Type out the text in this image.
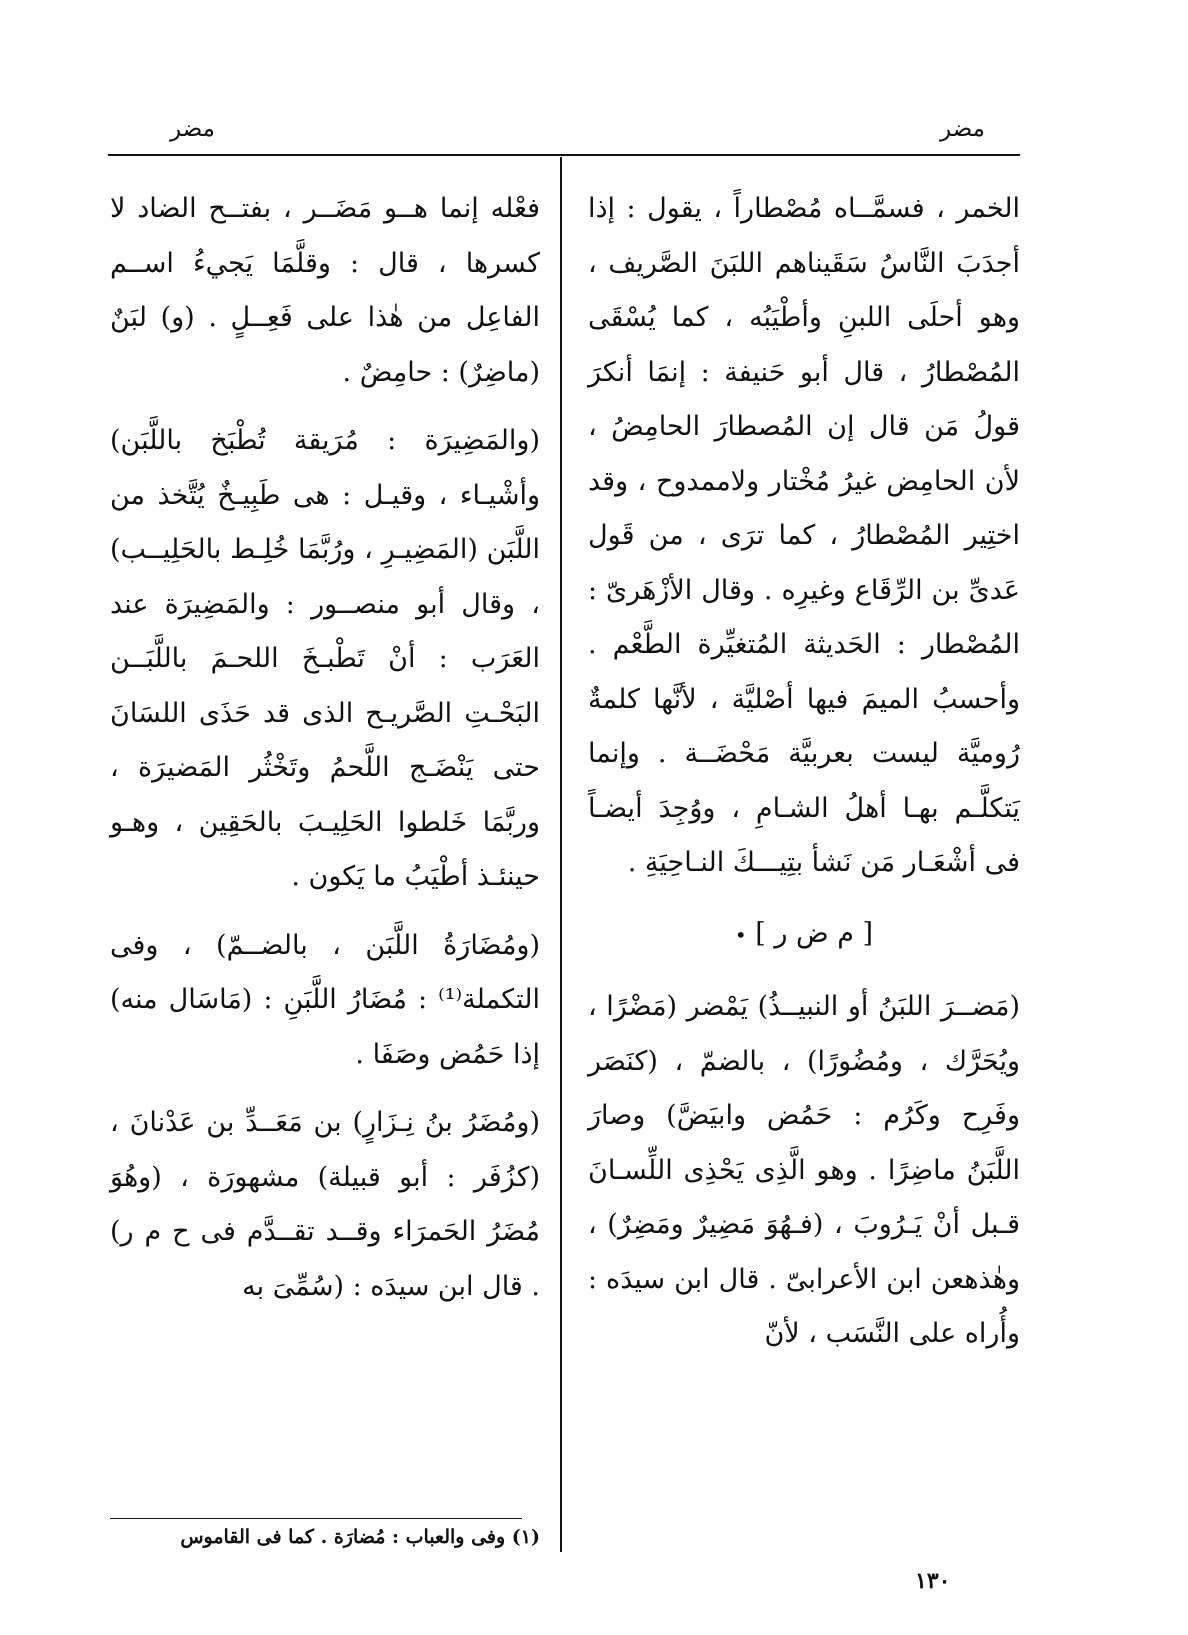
مضر
مضر

الخمر ، فسمَّــاه مُصْطاراً ، يقول : إذا أجدَبَ النَّاسُ سَقَيناهم اللبَنَ الصَّريف ، وهو أحلَى اللبنِ وأطْيَبُه ، كما يُسْقَى المُصْطارُ ، قال أبو حَنيفة : إنمَا أنكرَ قولُ مَن قال إن المُصطارَ الحامِضُ ، لأن الحامِض غيرُ مُخْتار ولاممدوح ، وقد اختِير المُصْطارُ ، كما ترَى ، من قَول عَدىِّ بن الرِّقَاع وغيرِه . وقال الأزْهَرىّ : المُصْطار : الحَديثة المُتغيِّرة الطَّعْم . وأحسبُ الميمَ فيها أصْليَّة ، لأنَّها كلمةٌ رُوميَّة ليست بعربيَّة مَحْضَــة . وإنما يَتكلَّـم بهـا أهلُ الشـامِ ، ووُجِدَ أيضـاً فى أشْعَـار مَن نَشأ بتِيـــكَ النـاحِيَةِ .

[ م ض ر ] •

(مَضــرَ اللبَنُ أو النبيــذُ) يَمْضر (مَضْرًا ، ويُحَرَّك ، ومُضُورًا) ، بالضمّ ، (كنَصَر وفَرِح وكَرُم : حَمُض وابيَضَّ) وصارَ اللَّبَنُ ماضِرًا . وهو الَّذِى يَحْذِى اللِّسـانَ قـبل أنْ يَـرُوبَ ، (فـهُوَ مَضِيرٌ ومَضِرٌ) ، وهٰذهعن ابن الأعرابىّ . قال ابن سيدَه : وأُراه على النَّسَب ، لأنّ

فعْله إنما هــو مَضَــر ، بفتــح الضاد لا كسرها ، قال : وقلَّمَا يَجيءُ اســم الفاعِل من هٰذا على فَعِــلٍ . (و) لبَنٌ (ماضِرٌ) : حامِضٌ .

(والمَضِيرَة : مُرَيقة تُطْبَخ باللَّبَن) وأشْيـاء ، وقيـل : هى طَبِيـخٌ يُتَّخذ من اللَّبَن (المَضِيـرِ ، ورُبَّمَا خُلِـط بالحَلِيــب) ، وقال أبو منصــور : والمَضِيرَة عند العَرَب : أنْ تَطْبـخَ اللحـمَ باللَّبَــن البَحْـتِ الصَّريـح الذى قد حَذَى اللسَانَ حتى يَنْضَـج اللَّحمُ وتَخْثُر المَضيرَة ، وربَّمَا خَلطوا الحَلِيـبَ بالحَقِين ، وهـو حينئـذ أطْيَبُ ما يَكون .

(ومُضَارَةُ اللَّبَن ، بالضــمّ) ، وفى التكملة⁽¹⁾ : مُضَارُ اللَّبَنِ : (مَاسَال منه) إذا حَمُض وصَفَا .

(ومُضَرُ بنُ نِـزَارٍ) بن مَعَــدِّ بن عَدْنانَ ، (كزُفَر : أبو قبيلة) مشهورَة ، (وهُوَ مُضَرُ الحَمرَاء وقــد تقــدَّم فى ح م ر) . قال ابن سيدَه : (سُمِّىَ به

(١) وفى والعباب : مُضارَة . كما فى القاموس
١٣٠
